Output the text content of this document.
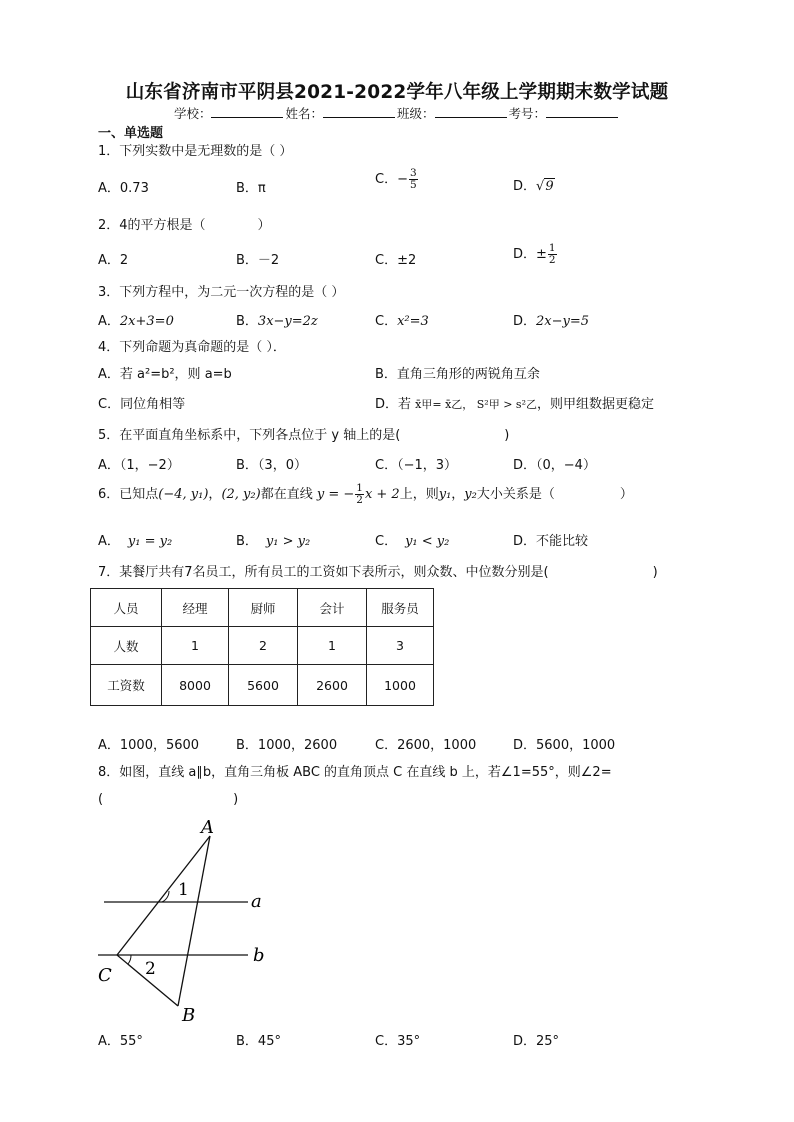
山东省济南市平阴县2021-2022学年八年级上学期期末数学试题
学校：	姓名：	班级：	考号：
一、单选题
1．下列实数中是无理数的是（ ）
A．0.73	B．π
C．− $\frac{3}{5}$	D．√9
2．4的平方根是（　　　　）
A．2	B．－2	C．±2	D．± $\frac{1}{2}$
3．下列方程中，为二元一次方程的是（ ）
A．2x+3=0	B．3x−y=2z	C．x²=3	D．2x−y=5
4．下列命题为真命题的是（ ）．
A．若 a²=b²，则 a=b	B．直角三角形的两锐角互余
C．同位角相等	D．若 x̄甲= x̄乙， S²甲 > s²乙，则甲组数据更稳定
5．在平面直角坐标系中，下列各点位于 y 轴上的是(　　　　　　　　)
A．（1，−2）	B．（3，0）	C．（−1，3）	D．（0，−4）
6．已知点(−4, y₁)，(2, y₂)都在直线 y = − $\frac{1}{2}$ x + 2上，则y₁，y₂大小关系是（　　　　　）
A． y₁ = y₂	B． y₁ > y₂	C． y₁ < y₂	D．不能比较
7．某餐厅共有7名员工，所有员工的工资如下表所示，则众数、中位数分别是(　　　　　　　　)
人员	经理	厨师	会计	服务员
人数	1	2	1	3
工资数	8000	5600	2600	1000
A．1000，5600	B．1000，2600	C．2600，1000	D．5600，1000
8．如图，直线 a∥b，直角三角板 ABC 的直角顶点 C 在直线 b 上，若∠1=55°，则∠2=
(　　　　　　　　　　)
A
1
a
b
2
C
B
A．55°	B．45°	C．35°	D．25°
